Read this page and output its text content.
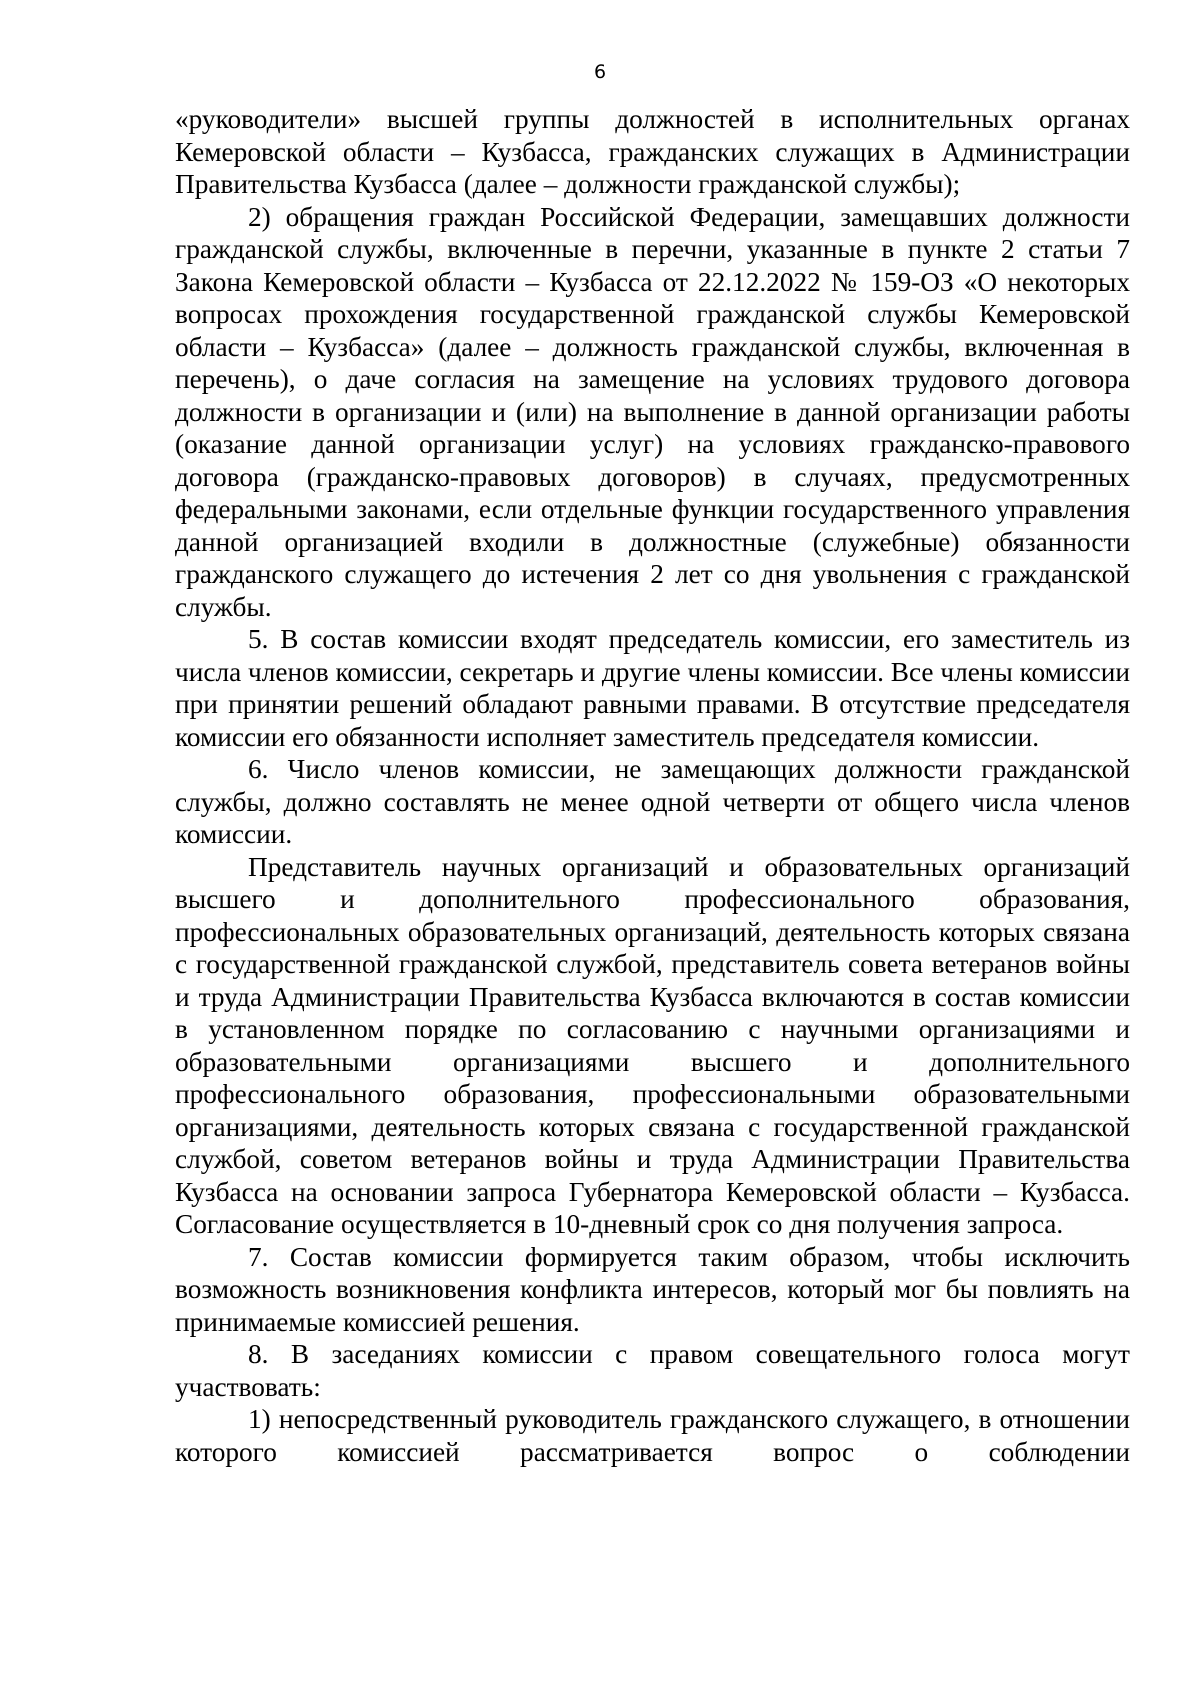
6

«руководители» высшей группы должностей в исполнительных органах Кемеровской области – Кузбасса, гражданских служащих в Администрации Правительства Кузбасса (далее – должности гражданской службы);

2) обращения граждан Российской Федерации, замещавших должности гражданской службы, включенные в перечни, указанные в пункте 2 статьи 7 Закона Кемеровской области – Кузбасса от 22.12.2022 № 159-ОЗ «О некоторых вопросах прохождения государственной гражданской службы Кемеровской области – Кузбасса» (далее – должность гражданской службы, включенная в перечень), о даче согласия на замещение на условиях трудового договора должности в организации и (или) на выполнение в данной организации работы (оказание данной организации услуг) на условиях гражданско-правового договора (гражданско-правовых договоров) в случаях, предусмотренных федеральными законами, если отдельные функции государственного управления данной организацией входили в должностные (служебные) обязанности гражданского служащего до истечения 2 лет со дня увольнения с гражданской службы.

5. В состав комиссии входят председатель комиссии, его заместитель из числа членов комиссии, секретарь и другие члены комиссии. Все члены комиссии при принятии решений обладают равными правами. В отсутствие председателя комиссии его обязанности исполняет заместитель председателя комиссии.

6. Число членов комиссии, не замещающих должности гражданской службы, должно составлять не менее одной четверти от общего числа членов комиссии.

Представитель научных организаций и образовательных организаций высшего и дополнительного профессионального образования, профессиональных образовательных организаций, деятельность которых связана с государственной гражданской службой, представитель совета ветеранов войны и труда Администрации Правительства Кузбасса включаются в состав комиссии в установленном порядке по согласованию с научными организациями и образовательными организациями высшего и дополнительного профессионального образования, профессиональными образовательными организациями, деятельность которых связана с государственной гражданской службой, советом ветеранов войны и труда Администрации Правительства Кузбасса на основании запроса Губернатора Кемеровской области – Кузбасса. Согласование осуществляется в 10-дневный срок со дня получения запроса.

7. Состав комиссии формируется таким образом, чтобы исключить возможность возникновения конфликта интересов, который мог бы повлиять на принимаемые комиссией решения.

8. В заседаниях комиссии с правом совещательного голоса могут участвовать:

1) непосредственный руководитель гражданского служащего, в отношении которого комиссией рассматривается вопрос о соблюдении
